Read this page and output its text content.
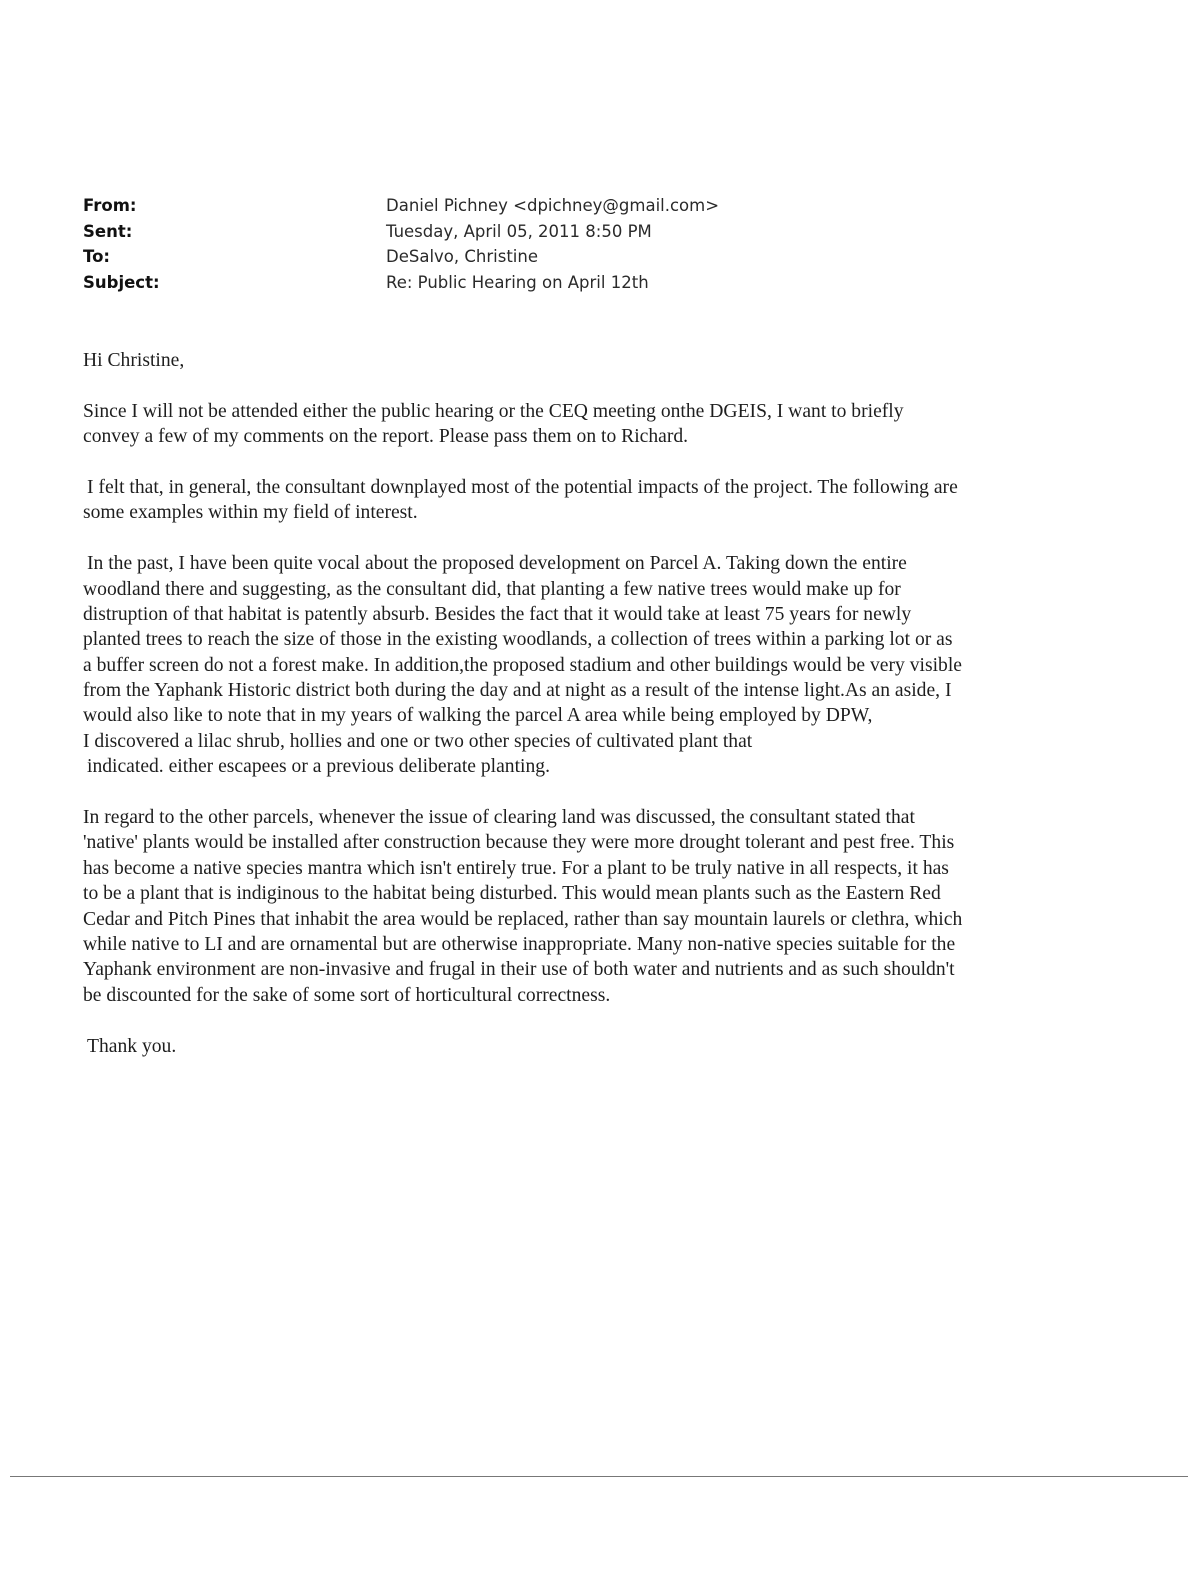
From:	Daniel Pichney <dpichney@gmail.com>
Sent:	Tuesday, April 05, 2011 8:50 PM
To:	DeSalvo, Christine
Subject:	Re: Public Hearing on April 12th
Hi Christine,
Since I will not be attended either the public hearing or the CEQ meeting onthe DGEIS, I want to briefly
convey a few of my comments on the report. Please pass them on to Richard.
I felt that, in general, the consultant downplayed most of the potential impacts of the project. The following are
some examples within my field of interest.
In the past, I have been quite vocal about the proposed development on Parcel A. Taking down the entire
woodland there and suggesting, as the consultant did, that planting a few native trees would make up for
distruption of that habitat is patently absurb. Besides the fact that it would take at least 75 years for newly
planted trees to reach the size of those in the existing woodlands, a collection of trees within a parking lot or as
a buffer screen do not a forest make. In addition,the proposed stadium and other buildings would be very visible
from the Yaphank Historic district both during the day and at night as a result of the intense light.As an aside, I
would also like to note that in my years of walking the parcel A area while being employed by DPW,
I discovered a lilac shrub, hollies and one or two other species of cultivated plant that
indicated. either escapees or a previous deliberate planting.
In regard to the other parcels, whenever the issue of clearing land was discussed, the consultant stated that
'native' plants would be installed after construction because they were more drought tolerant and pest free. This
has become a native species mantra which isn't entirely true. For a plant to be truly native in all respects, it has
to be a plant that is indiginous to the habitat being disturbed. This would mean plants such as the Eastern Red
Cedar and Pitch Pines that inhabit the area would be replaced, rather than say mountain laurels or clethra, which
while native to LI and are ornamental but are otherwise inappropriate. Many non-native species suitable for the
Yaphank environment are non-invasive and frugal in their use of both water and nutrients and as such shouldn't
be discounted for the sake of some sort of horticultural correctness.
Thank you.
